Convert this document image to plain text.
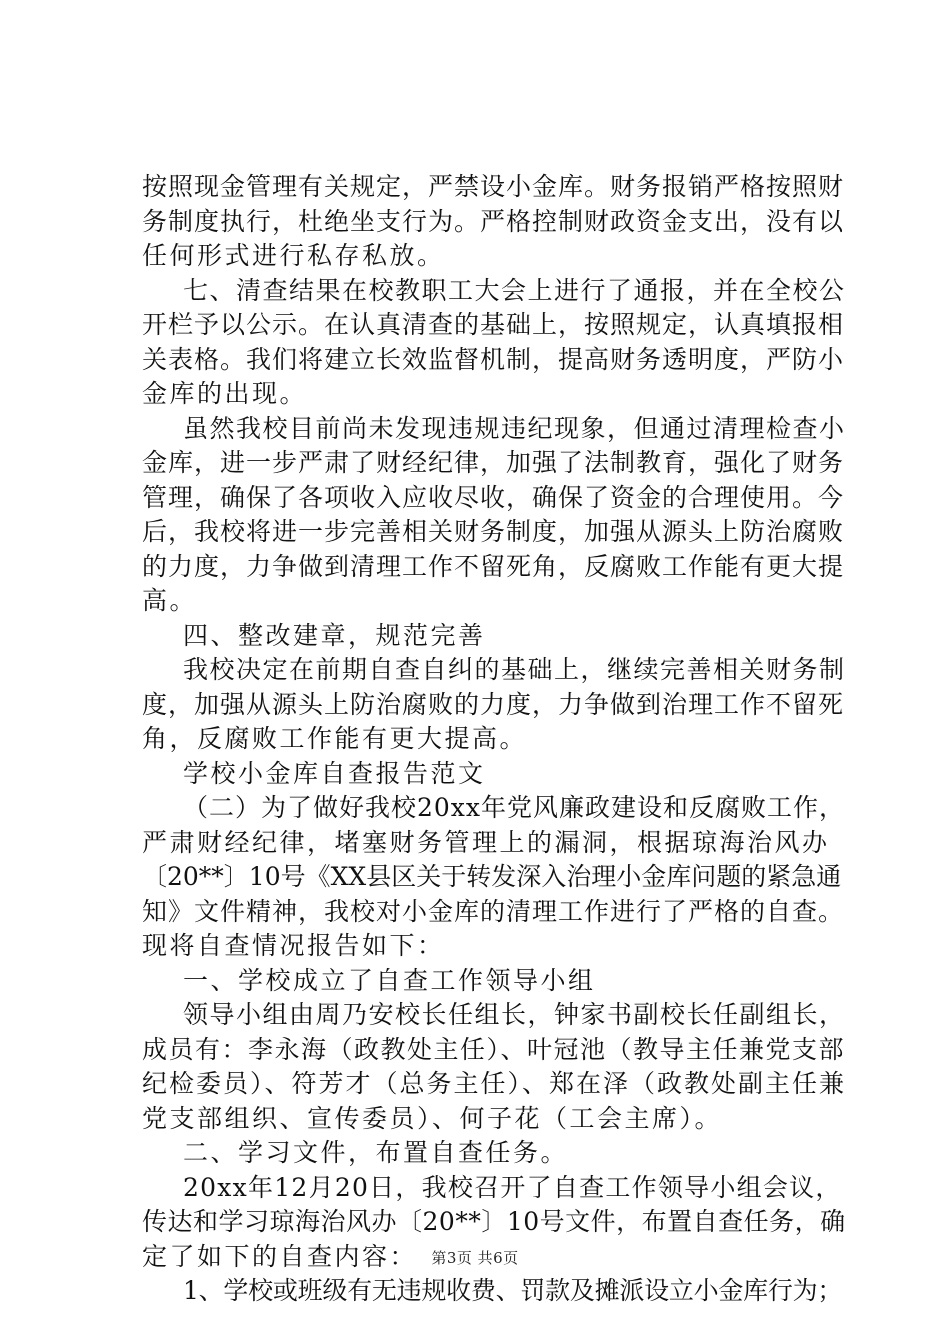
按照现金管理有关规定，严禁设小金库。财务报销严格按照财
务制度执行，杜绝坐支行为。严格控制财政资金支出，没有以
任何形式进行私存私放。
七、清查结果在校教职工大会上进行了通报，并在全校公
开栏予以公示。在认真清查的基础上，按照规定，认真填报相
关表格。我们将建立长效监督机制，提高财务透明度，严防小
金库的出现。
虽然我校目前尚未发现违规违纪现象，但通过清理检查小
金库，进一步严肃了财经纪律，加强了法制教育，强化了财务
管理，确保了各项收入应收尽收，确保了资金的合理使用。今
后，我校将进一步完善相关财务制度，加强从源头上防治腐败
的力度，力争做到清理工作不留死角，反腐败工作能有更大提
高。
四、整改建章，规范完善
我校决定在前期自查自纠的基础上，继续完善相关财务制
度，加强从源头上防治腐败的力度，力争做到治理工作不留死
角，反腐败工作能有更大提高。
学校小金库自查报告范文
（二）为了做好我校20xx年党风廉政建设和反腐败工作，
严肃财经纪律，堵塞财务管理上的漏洞，根据琼海治风办
〔20**〕10号《XX县区关于转发深入治理小金库问题的紧急通
知》文件精神，我校对小金库的清理工作进行了严格的自查。
现将自查情况报告如下：
一、学校成立了自查工作领导小组
领导小组由周乃安校长任组长，钟家书副校长任副组长，
成员有：李永海（政教处主任）、叶冠池（教导主任兼党支部
纪检委员）、符芳才（总务主任）、郑在泽（政教处副主任兼
党支部组织、宣传委员）、何子花（工会主席）。
二、学习文件，布置自查任务。
20xx年12月20日，我校召开了自查工作领导小组会议，
传达和学习琼海治风办〔20**〕10号文件，布置自查任务，确
定了如下的自查内容：
1、学校或班级有无违规收费、罚款及摊派设立小金库行为；
第3页 共6页
